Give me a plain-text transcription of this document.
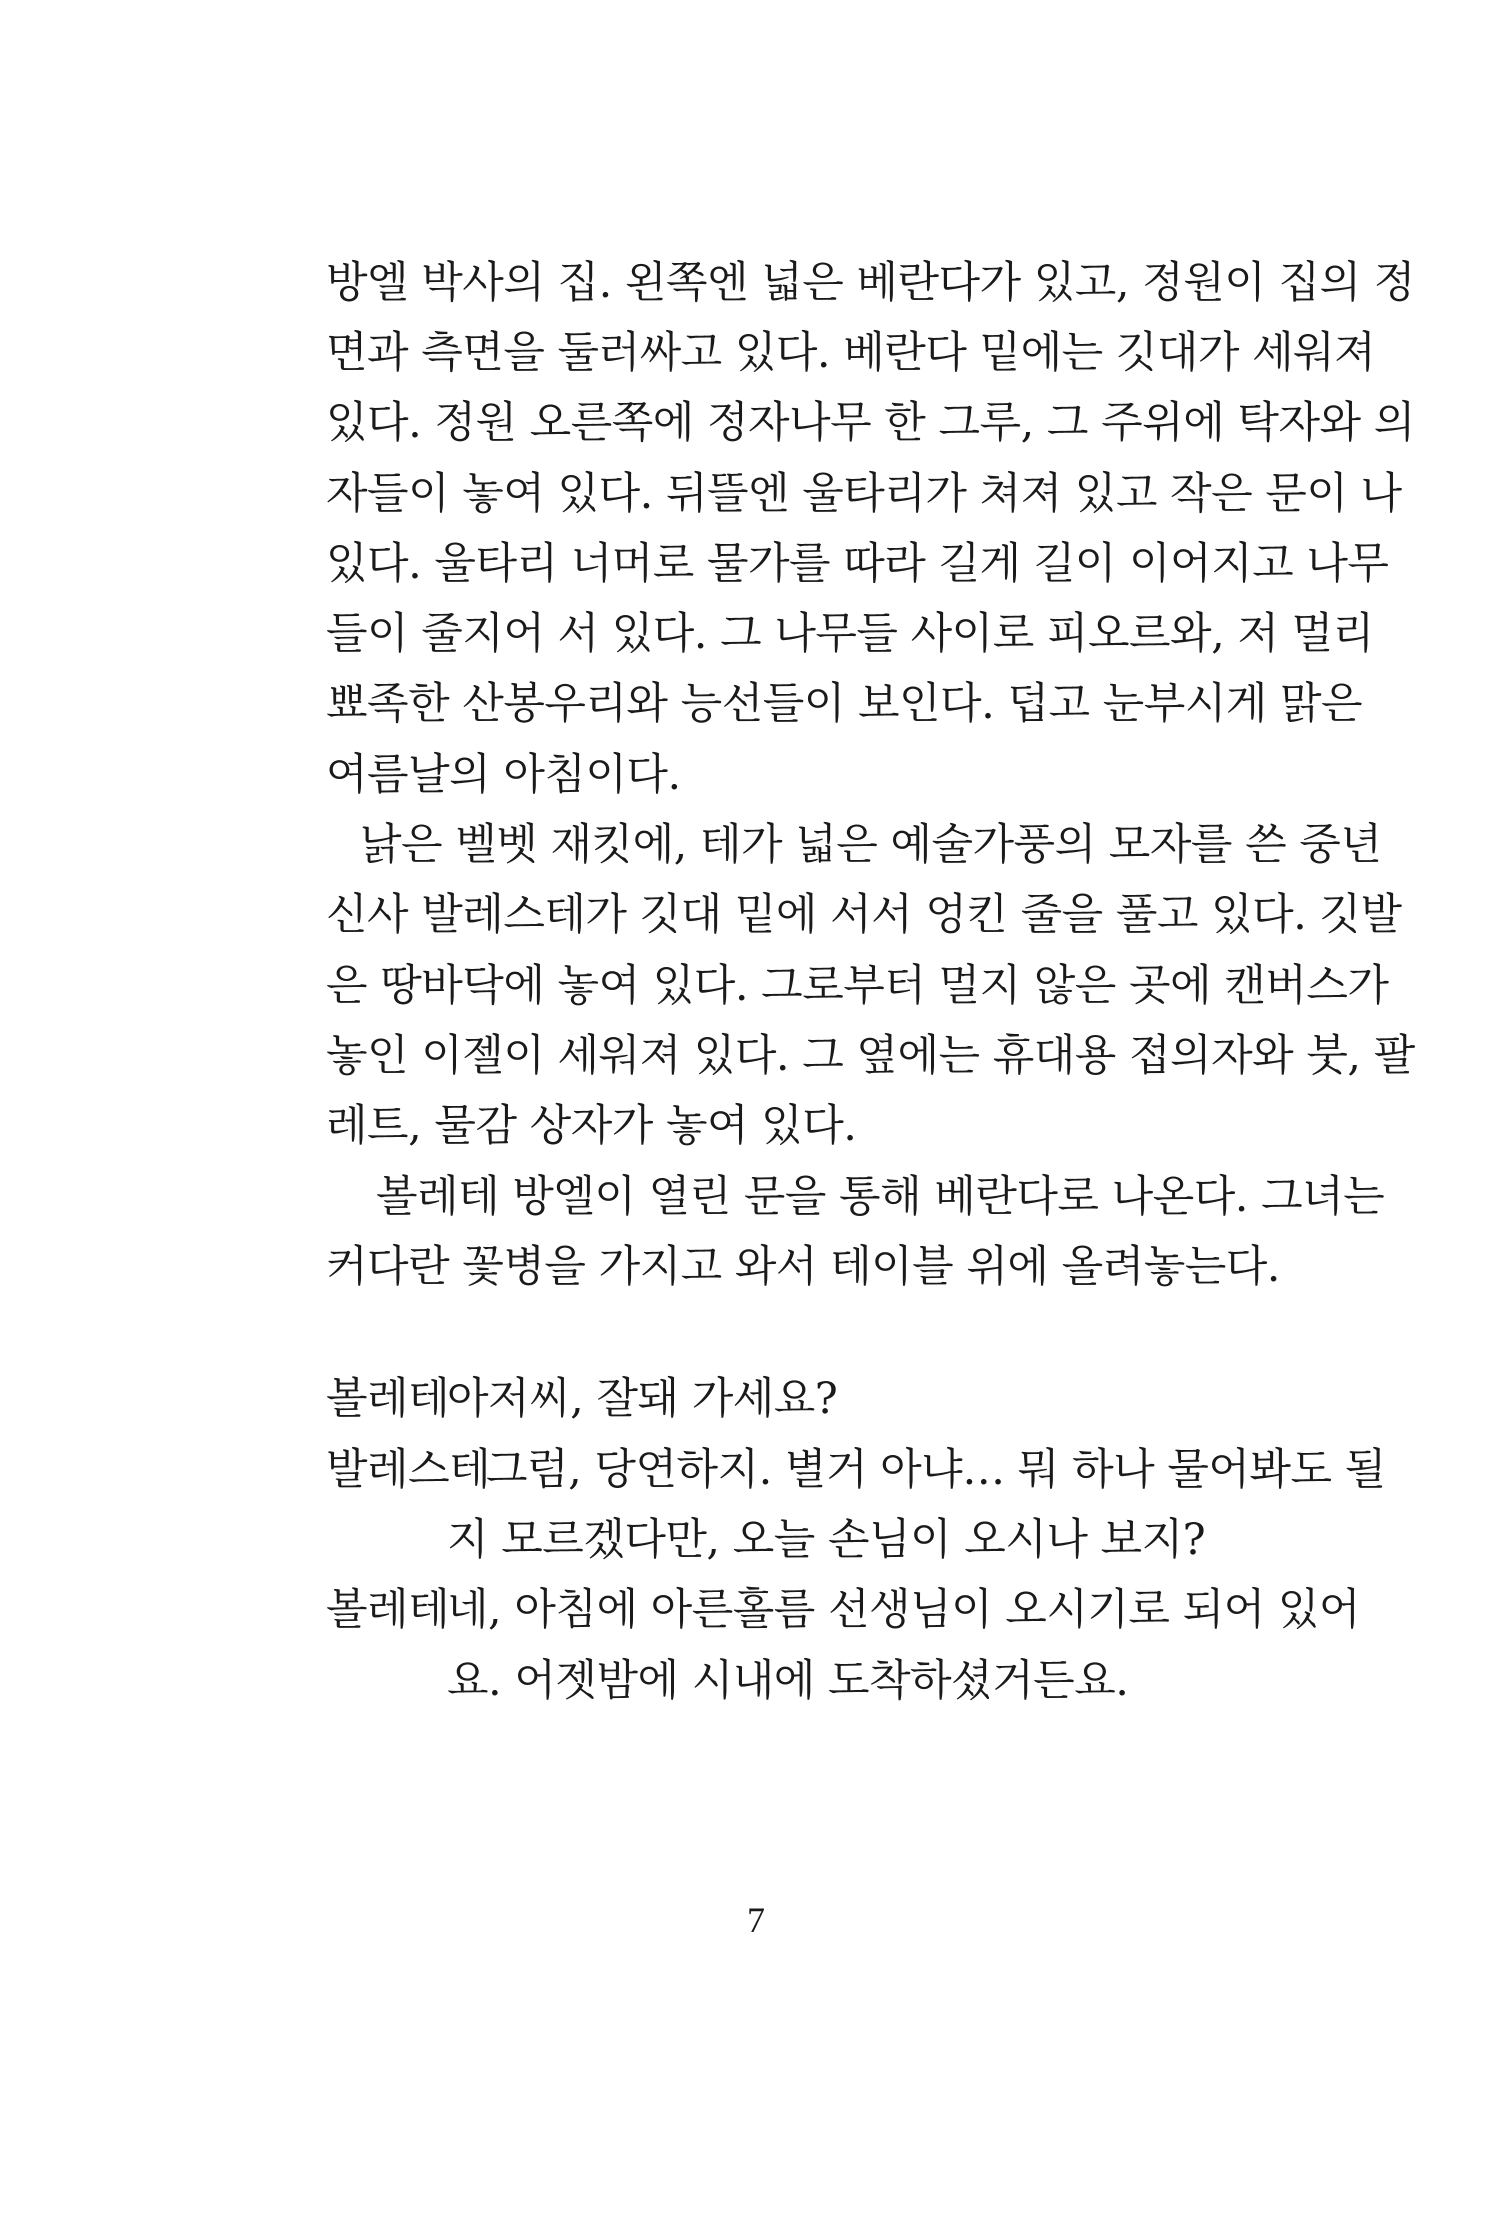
방엘 박사의 집. 왼쪽엔 넓은 베란다가 있고, 정원이 집의 정
면과 측면을 둘러싸고 있다. 베란다 밑에는 깃대가 세워져
있다. 정원 오른쪽에 정자나무 한 그루, 그 주위에 탁자와 의
자들이 놓여 있다. 뒤뜰엔 울타리가 쳐져 있고 작은 문이 나
있다. 울타리 너머로 물가를 따라 길게 길이 이어지고 나무
들이 줄지어 서 있다. 그 나무들 사이로 피오르와, 저 멀리
뾰족한 산봉우리와 능선들이 보인다. 덥고 눈부시게 맑은
여름날의 아침이다.
낡은 벨벳 재킷에, 테가 넓은 예술가풍의 모자를 쓴 중년
신사 발레스테가 깃대 밑에 서서 엉킨 줄을 풀고 있다. 깃발
은 땅바닥에 놓여 있다. 그로부터 멀지 않은 곳에 캔버스가
놓인 이젤이 세워져 있다. 그 옆에는 휴대용 접의자와 붓, 팔
레트, 물감 상자가 놓여 있다.
볼레테 방엘이 열린 문을 통해 베란다로 나온다. 그녀는
커다란 꽃병을 가지고 와서 테이블 위에 올려놓는다.
볼레테
아저씨, 잘돼 가세요?
발레스테
그럼, 당연하지. 별거 아냐… 뭐 하나 물어봐도 될
지 모르겠다만, 오늘 손님이 오시나 보지?
볼레테
네, 아침에 아른홀름 선생님이 오시기로 되어 있어
요. 어젯밤에 시내에 도착하셨거든요.
7
